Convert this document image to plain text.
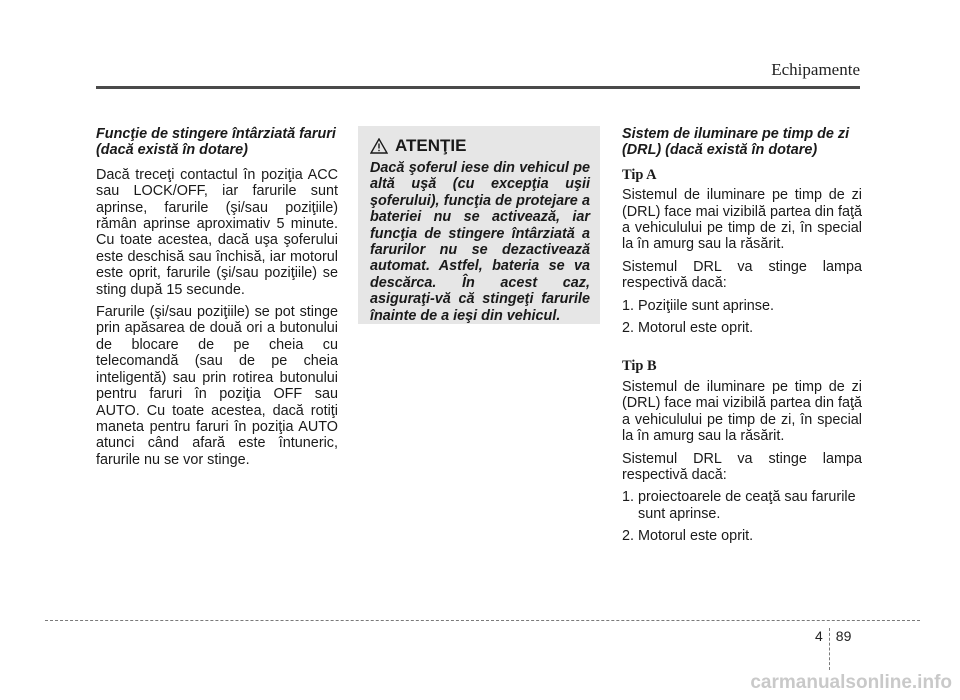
Echipamente

Funcţie de stingere întârziată faruri (dacă există în dotare)

Dacă treceţi contactul în poziţia ACC sau LOCK/OFF, iar farurile sunt aprinse, farurile (şi/sau poziţiile) rămân aprinse aproximativ 5 minute. Cu toate acestea, dacă uşa şoferului este deschisă sau închisă, iar motorul este oprit, farurile (şi/sau poziţiile) se sting după 15 secunde.

Farurile (şi/sau poziţiile) se pot stinge prin apăsarea de două ori a butonului de blocare de pe cheia cu telecomandă (sau de pe cheia inteligentă) sau prin rotirea butonului pentru faruri în poziţia OFF sau AUTO. Cu toate acestea, dacă rotiţi maneta pentru faruri în poziţia AUTO atunci când afară este întuneric, farurile nu se vor stinge.

ATENŢIE

Dacă şoferul iese din vehicul pe altă uşă (cu excepţia uşii şoferului), funcţia de protejare a bateriei nu se activează, iar funcţia de stingere întârziată a farurilor nu se dezactivează automat. Astfel, bateria se va descărca. În acest caz, asiguraţi-vă că stingeţi farurile înainte de a ieşi din vehicul.

Sistem de iluminare pe timp de zi (DRL) (dacă există în dotare)

Tip A

Sistemul de iluminare pe timp de zi (DRL) face mai vizibilă partea din faţă a vehiculului pe timp de zi, în special la în amurg sau la răsărit.

Sistemul DRL va stinge lampa respectivă dacă:

1. Poziţiile sunt aprinse.

2. Motorul este oprit.

Tip B

Sistemul de iluminare pe timp de zi (DRL) face mai vizibilă partea din faţă a vehiculului pe timp de zi, în special la în amurg sau la răsărit.

Sistemul DRL va stinge lampa respectivă dacă:

1. proiectoarele de ceaţă sau farurile sunt aprinse.

2. Motorul este oprit.

4 89
carmanualsonline.info
